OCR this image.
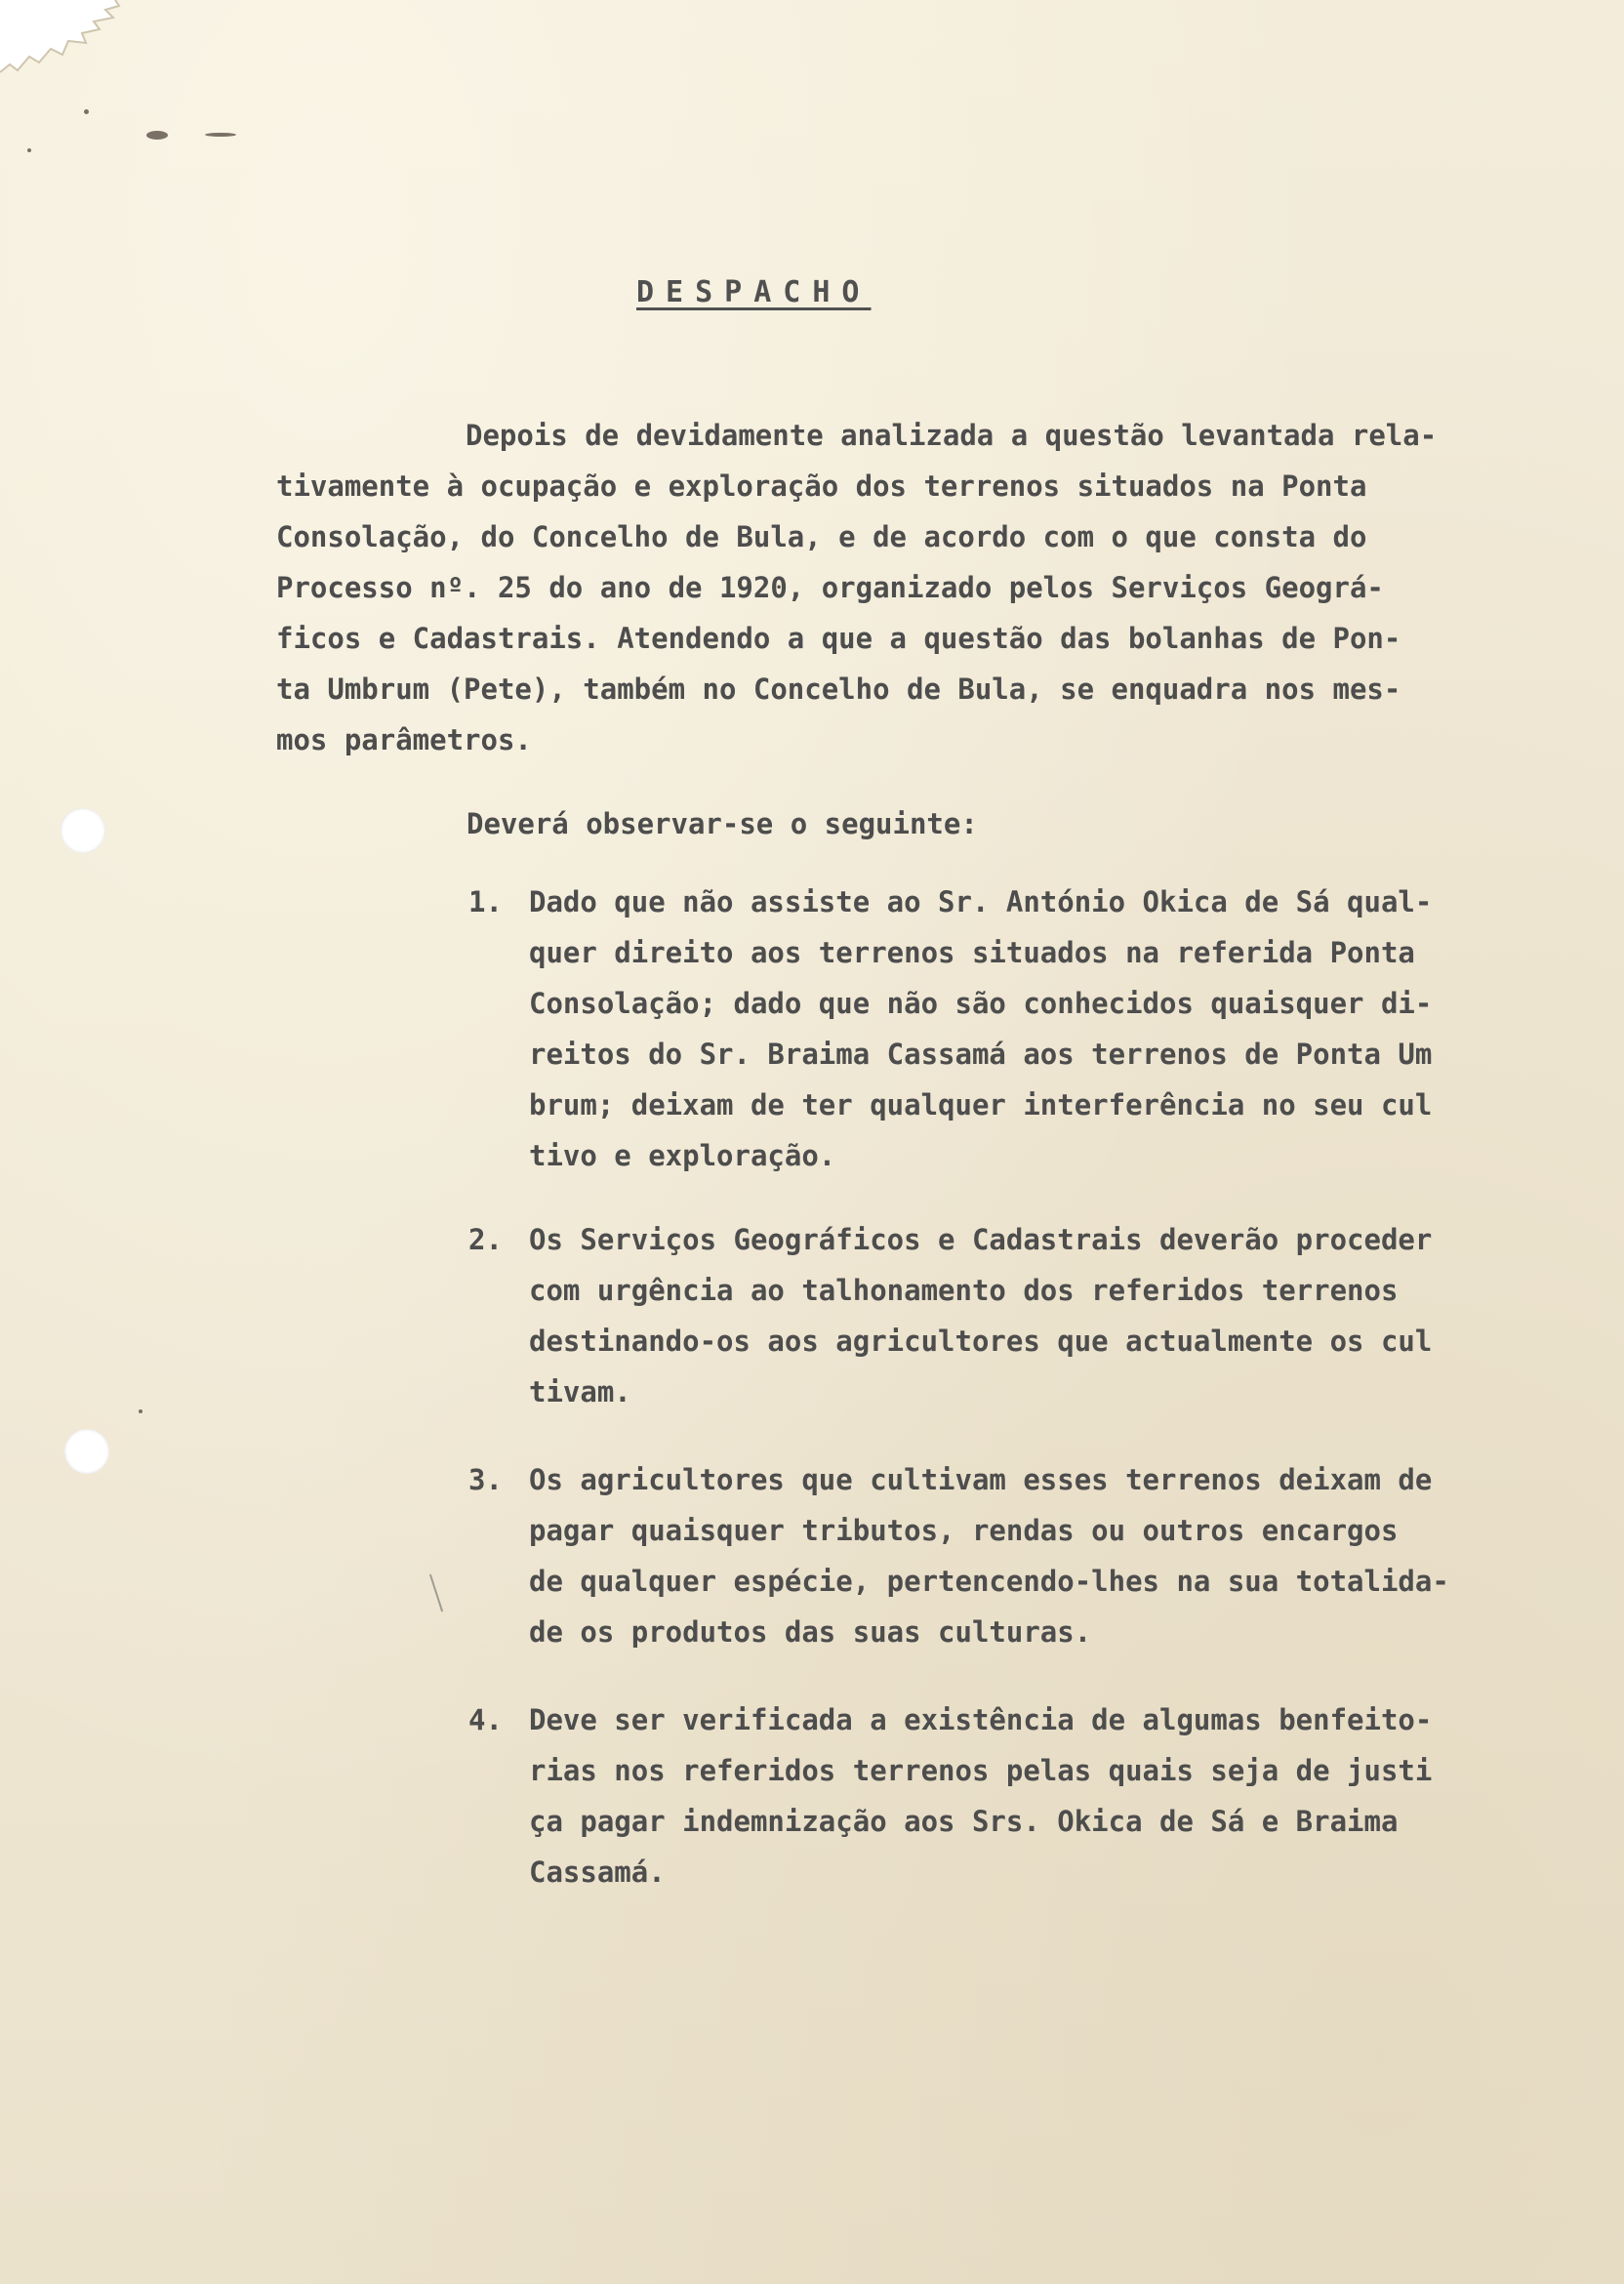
DESPACHO
Depois de devidamente analizada a questão levantada rela-
tivamente à ocupação e exploração dos terrenos situados na Ponta
Consolação, do Concelho de Bula, e de acordo com o que consta do
Processo nº. 25 do ano de 1920, organizado pelos Serviços Geográ-
ficos e Cadastrais. Atendendo a que a questão das bolanhas de Pon-
ta Umbrum (Pete), também no Concelho de Bula, se enquadra nos mes-
mos parâmetros.
Deverá observar-se o seguinte:
1. Dado que não assiste ao Sr. António Okica de Sá qual-
quer direito aos terrenos situados na referida Ponta
Consolação; dado que não são conhecidos quaisquer di-
reitos do Sr. Braima Cassamá aos terrenos de Ponta Um
brum; deixam de ter qualquer interferência no seu cul
tivo e exploração.
2. Os Serviços Geográficos e Cadastrais deverão proceder
com urgência ao talhonamento dos referidos terrenos
destinando-os aos agricultores que actualmente os cul
tivam.
3. Os agricultores que cultivam esses terrenos deixam de
pagar quaisquer tributos, rendas ou outros encargos
de qualquer espécie, pertencendo-lhes na sua totalida-
de os produtos das suas culturas.
4. Deve ser verificada a existência de algumas benfeito-
rias nos referidos terrenos pelas quais seja de justi
ça pagar indemnização aos Srs. Okica de Sá e Braima
Cassamá.
